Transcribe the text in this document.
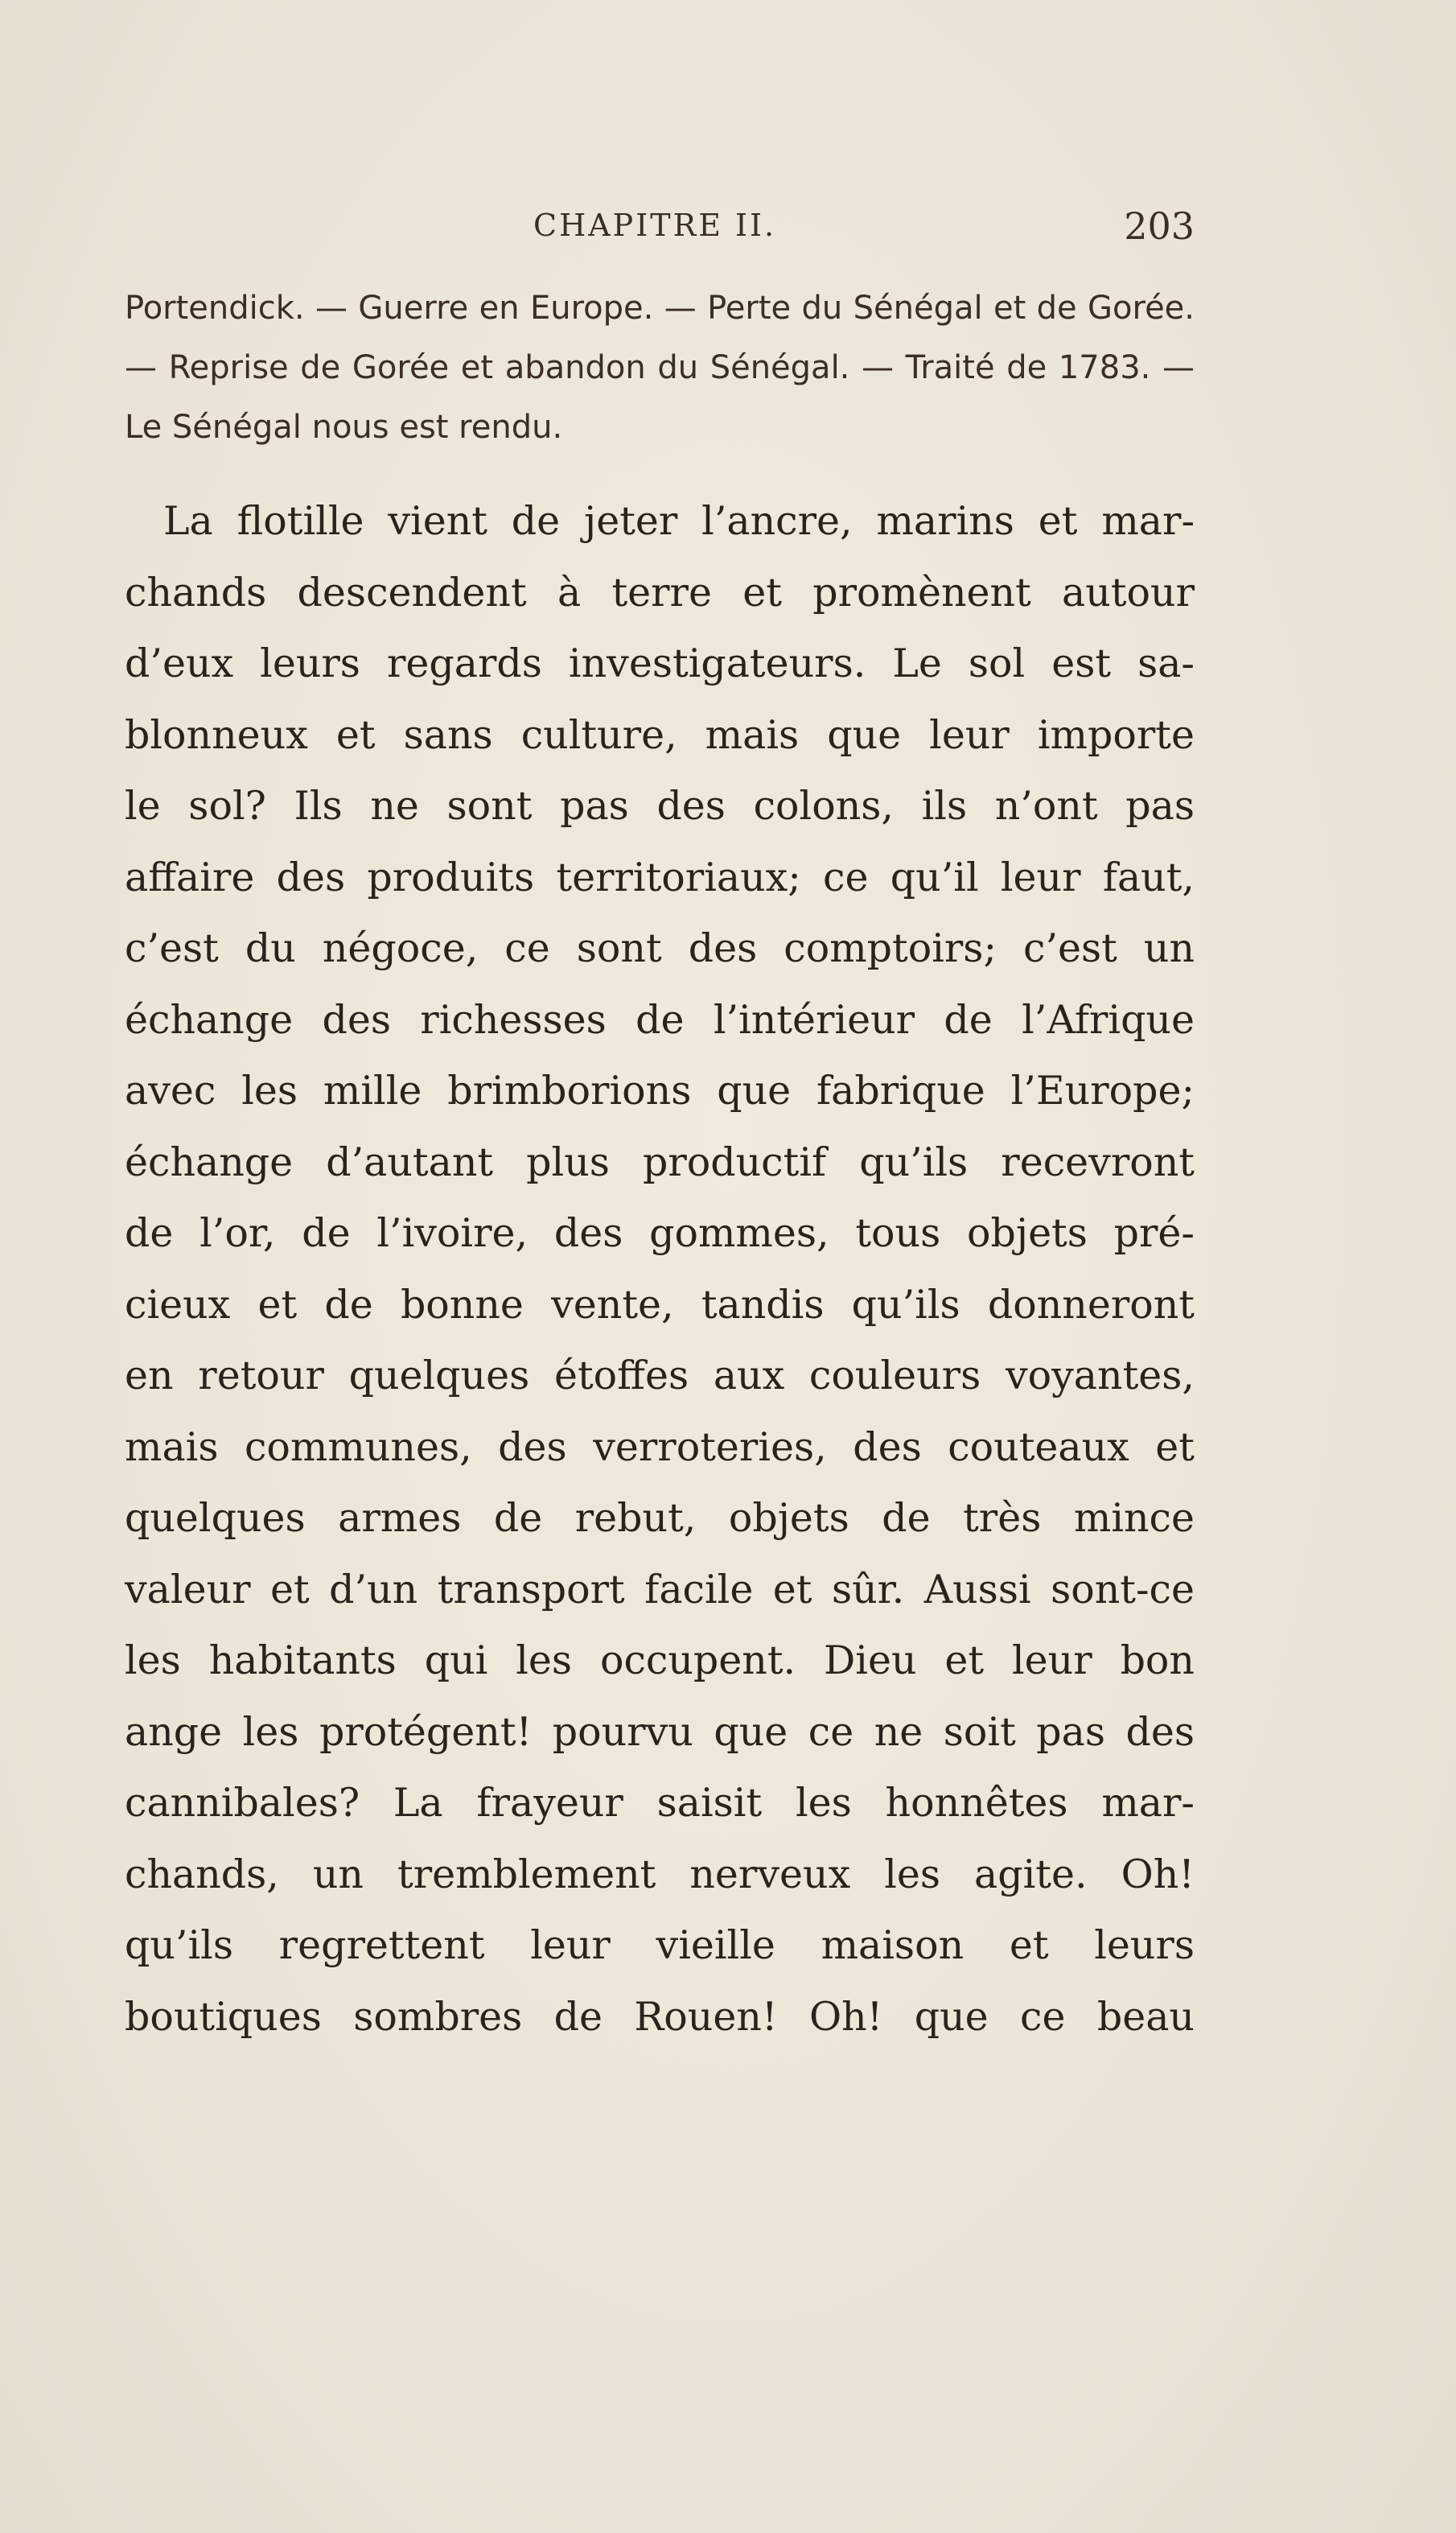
CHAPITRE II.	203

Portendick. — Guerre en Europe. — Perte du Sénégal et de Gorée. — Reprise de Gorée et abandon du Sénégal. — Traité de 1783. — Le Sénégal nous est rendu.

La flotille vient de jeter l’ancre, marins et mar-
chands descendent à terre et promènent autour
d’eux leurs regards investigateurs. Le sol est sa-
blonneux et sans culture, mais que leur importe
le sol? Ils ne sont pas des colons, ils n’ont pas
affaire des produits territoriaux; ce qu’il leur faut,
c’est du négoce, ce sont des comptoirs; c’est un
échange des richesses de l’intérieur de l’Afrique
avec les mille brimborions que fabrique l’Europe;
échange d’autant plus productif qu’ils recevront
de l’or, de l’ivoire, des gommes, tous objets pré-
cieux et de bonne vente, tandis qu’ils donneront
en retour quelques étoffes aux couleurs voyantes,
mais communes, des verroteries, des couteaux et
quelques armes de rebut, objets de très mince
valeur et d’un transport facile et sûr. Aussi sont-ce
les habitants qui les occupent. Dieu et leur bon
ange les protégent! pourvu que ce ne soit pas des
cannibales? La frayeur saisit les honnêtes mar-
chands, un tremblement nerveux les agite. Oh!
qu’ils regrettent leur vieille maison et leurs
boutiques sombres de Rouen! Oh! que ce beau
